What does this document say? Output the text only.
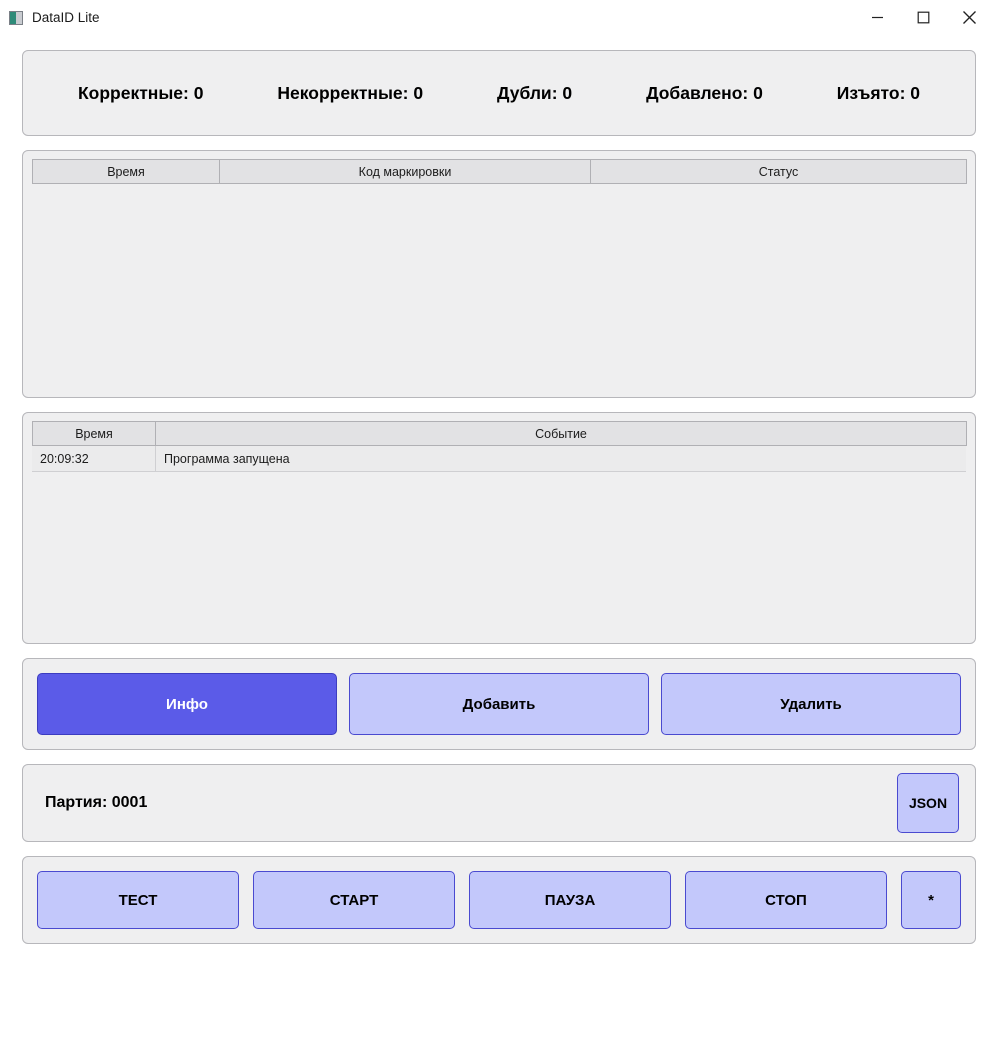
DataID Lite
Корректные: 0	Некорректные: 0	Дубли: 0	Добавлено: 0	Изъято: 0
Время	Код маркировки	Статус
Время	Событие
20:09:32	Программа запущена
Инфо	Добавить	Удалить
Партия: 0001	JSON
ТЕСТ	СТАРТ	ПАУЗА	СТОП	*
